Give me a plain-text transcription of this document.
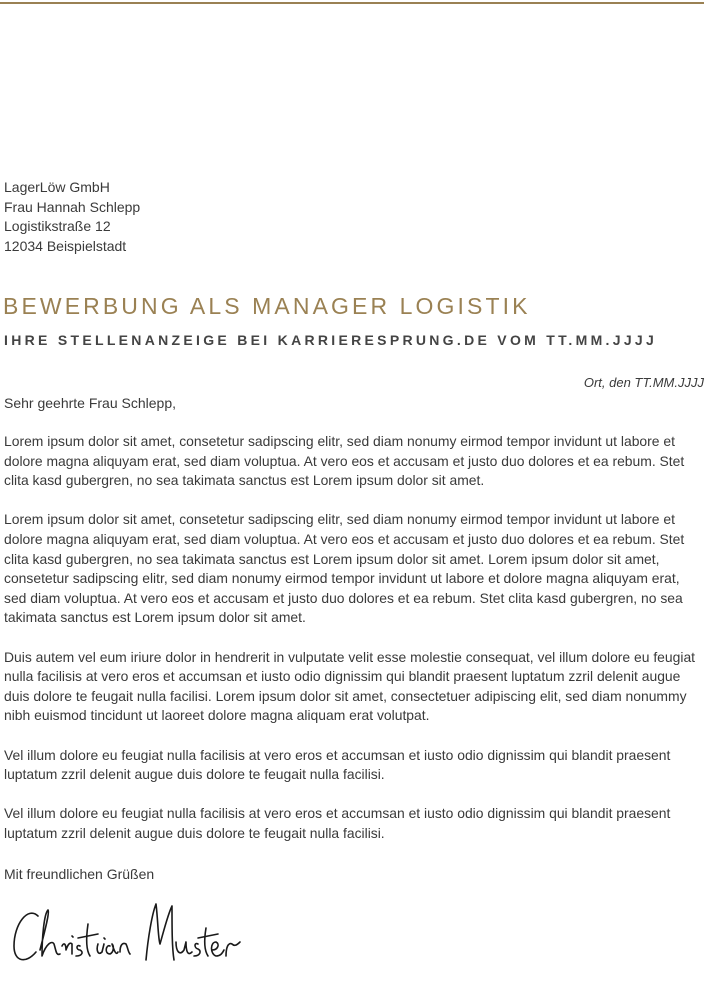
LagerLöw GmbH
Frau Hannah Schlepp
Logistikstraße 12
12034 Beispielstadt
BEWERBUNG ALS MANAGER LOGISTIK
IHRE STELLENANZEIGE BEI KARRIERESPRUNG.DE VOM TT.MM.JJJJ
Ort, den TT.MM.JJJJ
Sehr geehrte Frau Schlepp,

Lorem ipsum dolor sit amet, consetetur sadipscing elitr, sed diam nonumy eirmod tempor invidunt ut labore et dolore magna aliquyam erat, sed diam voluptua. At vero eos et accusam et justo duo dolores et ea rebum. Stet clita kasd gubergren, no sea takimata sanctus est Lorem ipsum dolor sit amet.

Lorem ipsum dolor sit amet, consetetur sadipscing elitr, sed diam nonumy eirmod tempor invidunt ut labore et dolore magna aliquyam erat, sed diam voluptua. At vero eos et accusam et justo duo dolores et ea rebum. Stet clita kasd gubergren, no sea takimata sanctus est Lorem ipsum dolor sit amet. Lorem ipsum dolor sit amet, consetetur sadipscing elitr, sed diam nonumy eirmod tempor invidunt ut labore et dolore magna aliquyam erat, sed diam voluptua. At vero eos et accusam et justo duo dolores et ea rebum. Stet clita kasd gubergren, no sea takimata sanctus est Lorem ipsum dolor sit amet.

Duis autem vel eum iriure dolor in hendrerit in vulputate velit esse molestie consequat, vel illum dolore eu feugiat nulla facilisis at vero eros et accumsan et iusto odio dignissim qui blandit praesent luptatum zzril delenit augue duis dolore te feugait nulla facilisi. Lorem ipsum dolor sit amet, consectetuer adipiscing elit, sed diam nonummy nibh euismod tincidunt ut laoreet dolore magna aliquam erat volutpat.

Vel illum dolore eu feugiat nulla facilisis at vero eros et accumsan et iusto odio dignissim qui blandit praesent luptatum zzril delenit augue duis dolore te feugait nulla facilisi.

Vel illum dolore eu feugiat nulla facilisis at vero eros et accumsan et iusto odio dignissim qui blandit praesent luptatum zzril delenit augue duis dolore te feugait nulla facilisi.

Mit freundlichen Grüßen
